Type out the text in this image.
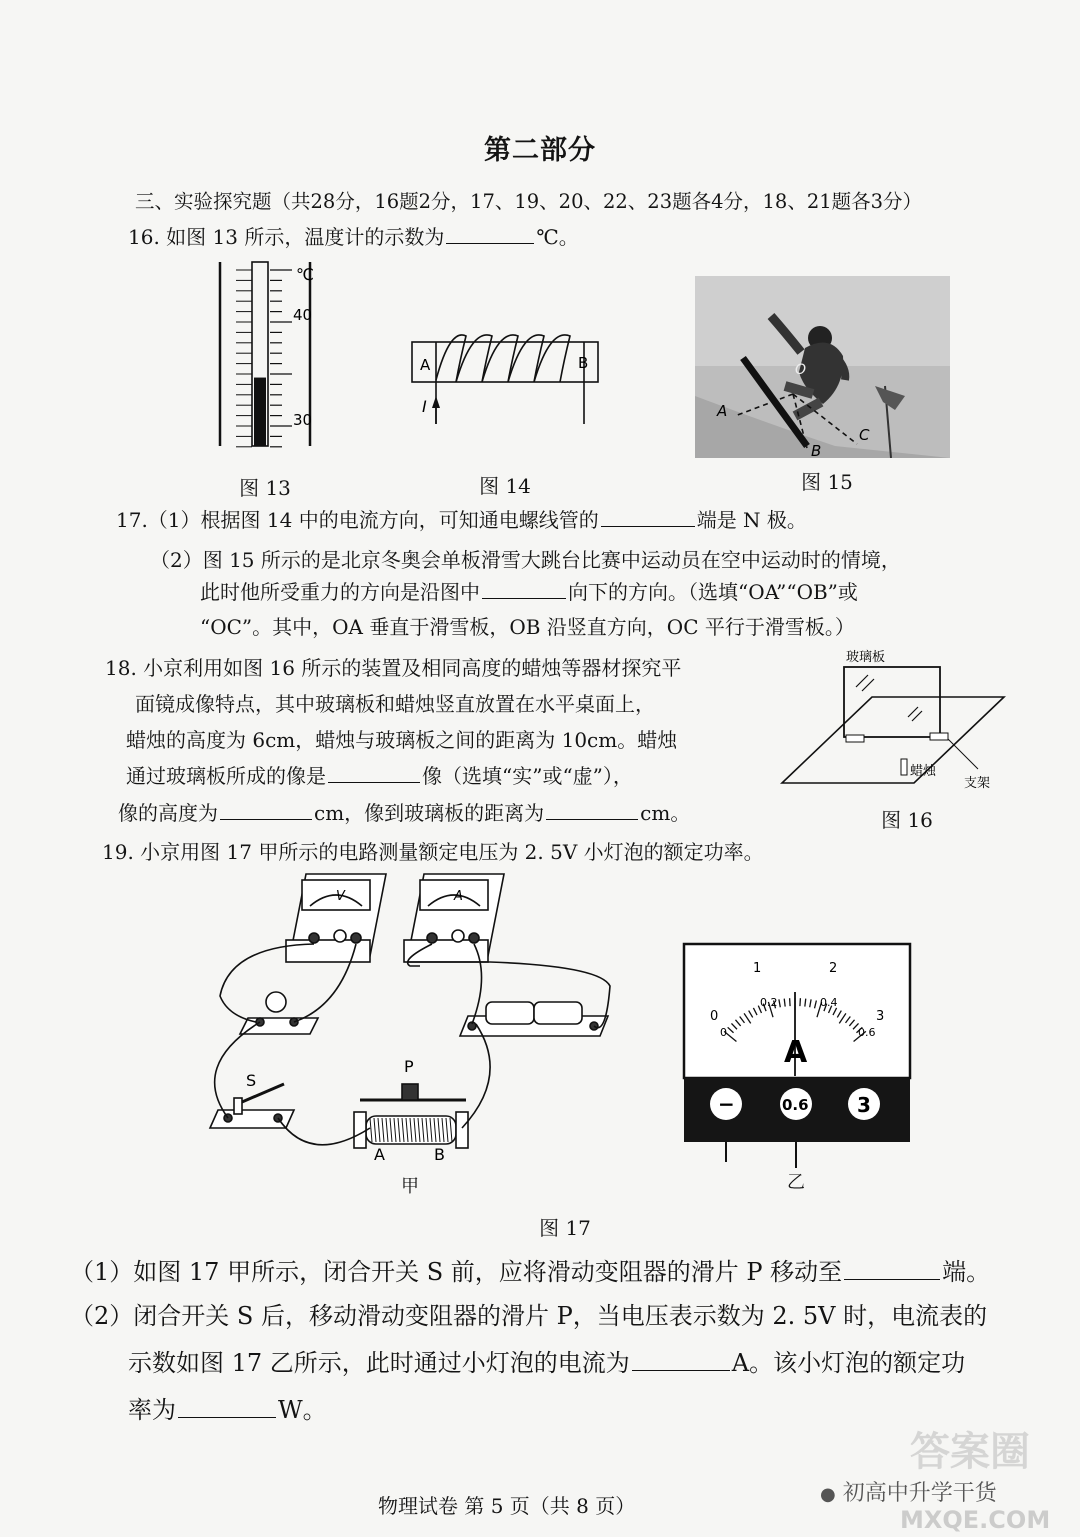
第二部分
三、实验探究题（共28分，16题2分，17、19、20、22、23题各4分，18、21题各3分）
16. 如图 13 所示，温度计的示数为	℃。
℃
40
30
图 13
A	B
I
图 14
O
A
B
C
图 15
17.（1）根据图 14 中的电流方向，可知通电螺线管的	端是 N 极。
（2）图 15 所示的是北京冬奥会单板滑雪大跳台比赛中运动员在空中运动时的情境，
此时他所受重力的方向是沿图中	向下的方向。（选填“OA”“OB”或
“OC”。其中，OA 垂直于滑雪板，OB 沿竖直方向，OC 平行于滑雪板。）
18. 小京利用如图 16 所示的装置及相同高度的蜡烛等器材探究平
面镜成像特点，其中玻璃板和蜡烛竖直放置在水平桌面上，
蜡烛的高度为 6cm，蜡烛与玻璃板之间的距离为 10cm。蜡烛
通过玻璃板所成的像是	像（选填“实”或“虚”），
像的高度为	cm，像到玻璃板的距离为	cm。
玻璃板
蜡烛
支架
图 16
19. 小京用图 17 甲所示的电路测量额定电压为 2. 5V 小灯泡的额定功率。
V	A
S
P
A	B
甲
A
0
1	2
3
0
0.2	0.4
0.6
−	0.6 3
乙
图 17
（1）如图 17 甲所示，闭合开关 S 前，应将滑动变阻器的滑片 P 移动至	端。
（2）闭合开关 S 后，移动滑动变阻器的滑片 P，当电压表示数为 2. 5V 时，电流表的
示数如图 17 乙所示，此时通过小灯泡的电流为	A。该小灯泡的额定功
率为	W。
物理试卷 第 5 页（共 8 页）	● 初高中升学干货
答案圈
MXQE.COM
